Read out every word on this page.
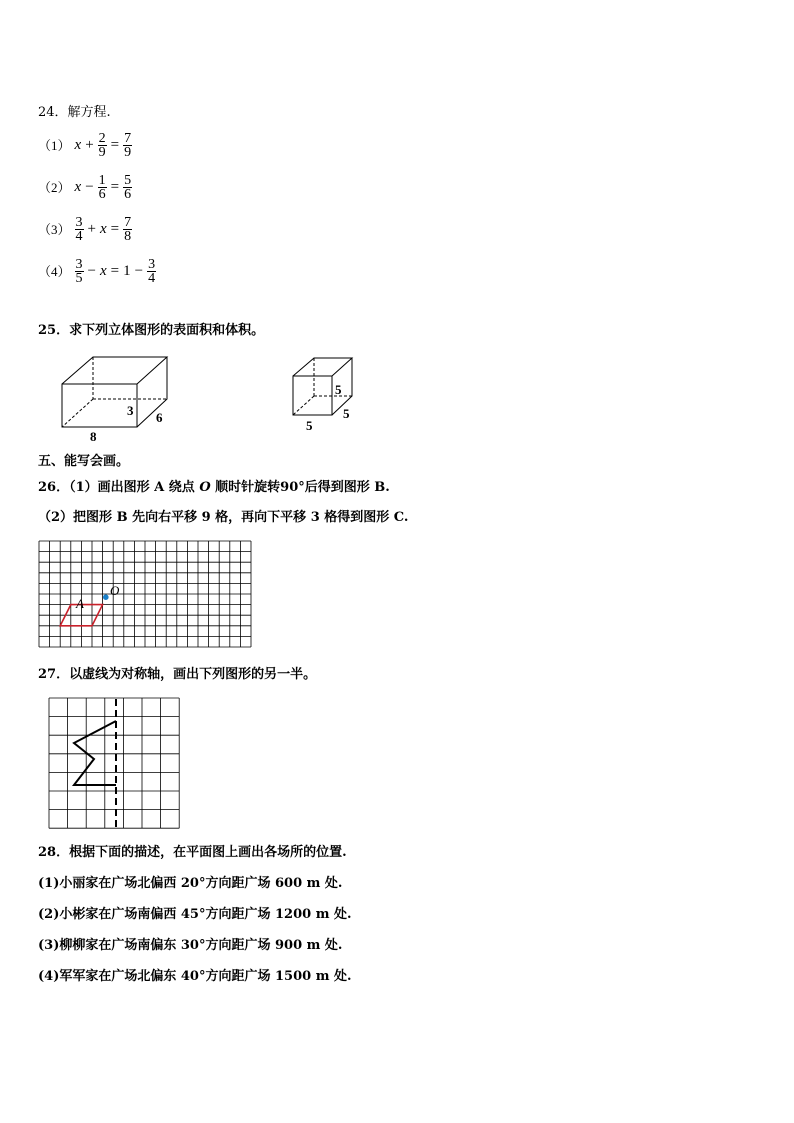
24．解方程.
（1） $x + \frac{2}{9} = \frac{7}{9}$
（2） $x - \frac{1}{6} = \frac{5}{6}$
$(3) \frac{3}{4} + x = \frac{7}{8}$
$(4) \frac{3}{5} - x = 1 - \frac{3}{4}$
25．求下列立体图形的表面积和体积。
3 6
8
5
5
5
五、能写会画。
26．（1）画出图形 A 绕点 O 顺时针旋转90°后得到图形 B.
（2）把图形 B 先向右平移 9 格，再向下平移 3 格得到图形 C.
A
O
27．以虚线为对称轴，画出下列图形的另一半。
28．根据下面的描述，在平面图上画出各场所的位置.
(1)小丽家在广场北偏西 20°方向距广场 600 m 处.
(2)小彬家在广场南偏西 45°方向距广场 1200 m 处.
(3)柳柳家在广场南偏东 30°方向距广场 900 m 处.
(4)军军家在广场北偏东 40°方向距广场 1500 m 处.
